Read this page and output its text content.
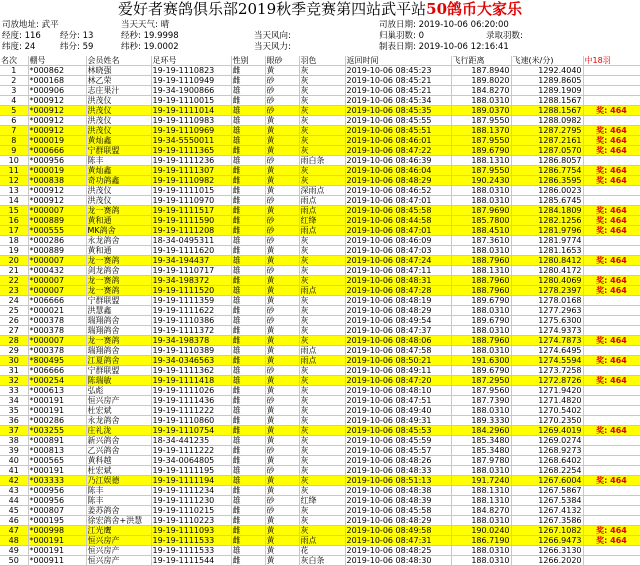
爱好者赛鸽俱乐部2019秋季竞赛第四站武平站50鸽币大家乐
司放地址: 武平	当天天气: 晴	司放日期: 2019-10-06 06:20:00
经度: 116 经分: 13	经秒: 19.9998	当天风向:	归巢羽数: 0	录取羽数:
纬度: 24	纬分: 59	纬秒: 19.0002	当天风力:	制表日期: 2019-10-06 12:16:41
名次	棚号	会员姓名	足环号	性别	眼砂	羽色	返回时间	飞行距离	飞速(米/分)	中18羽
1	*000862	林晓强	19-19-1110823	雌	黄	灰	2019-10-06 08:45:23	187.8940	1292.4040	
2	*000168	林乙荣	19-19-1110949	雌	砂	灰	2019-10-06 08:45:21	189.8020	1289.8605	
3	*000906	志庄果汁	19-34-1900866	雄	砂	灰	2019-10-06 08:45:21	184.8270	1289.1909	
4	*000912	洪茂仪	19-19-1110015	雌	砂	灰	2019-10-06 08:45:34	188.0310	1288.1567	
5	*000912	洪茂仪	19-19-1111014	雄	砂	灰	2019-10-06 08:45:35	189.0370	1288.1567	奖: 464
6	*000912	洪茂仪	19-19-1110983	雄	黄	灰	2019-10-06 08:45:55	187.9550	1288.0982	
7	*000912	洪茂仪	19-19-1110969	雄	黄	灰	2019-10-06 08:45:51	188.1370	1287.2795	奖: 464
8	*000019	黄灿鑫	19-34-5550011	雄	黄	灰	2019-10-06 08:46:01	187.9550	1287.2161	奖: 464
9	*000666	宁群联盟	19-19-1111365	雌	黄	灰	2019-10-06 08:47:22	189.6790	1287.0570	奖: 464
10	*000956	陈丰	19-19-1111236	雄	砂	雨白条	2019-10-06 08:46:39	188.1310	1286.8057	
11	*000019	黄灿鑫	19-19-1111307	雌	黄	灰	2019-10-06 08:46:04	187.9550	1286.7754	奖: 464
12	*000838	奇功鸽鑫	19-19-1110982	雌	黄	灰	2019-10-06 08:48:29	190.2430	1286.3595	奖: 464
13	*000912	洪茂仪	19-19-1111015	雌	黄	深雨点	2019-10-06 08:46:52	188.0310	1286.0023	
14	*000912	洪茂仪	19-19-1110970	雌	砂	雨点	2019-10-06 08:47:01	188.0310	1285.6745	
15	*000007	龙一赛鸽	19-19-1111517	雌	黄	雨点	2019-10-06 08:45:58	187.9690	1284.1809	奖: 464
16	*000889	黄和通	19-19-1111590	雌	砂	红绛	2019-10-06 08:44:58	185.7800	1282.1256	奖: 464
17	*000555	MK鸽舍	19-19-1111208	雌	砂	雨点	2019-10-06 08:47:01	188.4510	1281.9796	奖: 464
18	*000286	永龙鸽舍	18-34-0495311	雄	砂	灰	2019-10-06 08:46:09	187.3610	1281.9774	
19	*000889	黄和通	19-19-1111620	雌	黄	灰	2019-10-06 08:47:03	188.0310	1281.1653	
20	*000007	龙一赛鸽	19-34-194437	雄	黄	灰	2019-10-06 08:47:24	188.7960	1280.8412	奖: 464
21	*000432	剑龙鸽舍	19-19-1110717	雄	砂	灰	2019-10-06 08:47:11	188.1310	1280.4172	
22	*000007	龙一赛鸽	19-34-198372	雌	黄	灰	2019-10-06 08:48:31	188.7960	1280.4069	奖: 464
23	*000007	龙一赛鸽	19-19-1111520	雄	黄	雨点	2019-10-06 08:47:28	188.7960	1278.2397	奖: 464
24	*006666	宁群联盟	19-19-1111359	雄	黄	灰	2019-10-06 08:48:19	189.6790	1278.0168	
25	*000021	洪慧鑫	19-19-1111622	雌	砂	灰	2019-10-06 08:48:29	188.0310	1277.2963	
26	*000378	瑞翔鸽舍	19-19-1110386	雄	砂	灰	2019-10-06 08:49:54	189.6790	1275.6300	
27	*000378	瑞翔鸽舍	19-19-1111372	雌	黄	灰	2019-10-06 08:47:37	188.0310	1274.9373	
28	*000007	龙一赛鸽	19-34-198378	雌	黄	灰	2019-10-06 08:48:06	188.7960	1274.7873	奖: 464
29	*000378	瑞翔鸽舍	19-19-1110389	雄	黄	雨点	2019-10-06 08:47:58	188.0310	1274.6495	
30	*800495	江夏鸽舍	19-34-0346563	雌	黄	雨点	2019-10-06 08:50:21	191.6300	1274.5594	奖: 464
31	*006666	宁群联盟	19-19-1111362	雄	砂	灰	2019-10-06 08:49:11	189.6790	1273.7258	
32	*000254	陈瑞敏	19-19-1111418	雄	黄	灰	2019-10-06 08:47:20	187.2950	1272.8726	奖: 464
33	*000613	弘彪	19-19-1111026	雌	黄	灰	2019-10-06 08:48:10	187.9560	1271.9420	
34	*000191	恒兴房产	19-19-1111436	雌	砂	灰	2019-10-06 08:47:51	187.7390	1271.4820	
35	*000191	杜宏斌	19-19-1111222	雄	黄	灰	2019-10-06 08:49:40	188.0310	1270.5402	
36	*000286	永龙鸽舍	19-19-1110860	雌	黄	灰	2019-10-06 08:49:31	189.3330	1270.2350	
37	*003255	庄礼泷	19-19-1110754	雌	黄	灰	2019-10-06 08:45:53	184.2960	1269.4019	奖: 464
38	*000891	新兴鸽舍	18-34-441235	雄	黄	灰	2019-10-06 08:45:59	185.3480	1269.0274	
39	*000813	乙兴鸽舍	19-19-1111222	雌	砂	灰	2019-10-06 08:45:57	185.3480	1268.9273	
40	*000565	黄科越	19-34-0064805	雌	黄	灰	2019-10-06 08:48:26	187.9780	1268.6402	
41	*000191	杜宏斌	19-19-1111195	雄	砂	灰	2019-10-06 08:48:33	188.0310	1268.2254	
42	*003333	乃江娱德	19-19-1111194	雄	黄	灰	2019-10-06 08:51:13	191.7240	1267.6004	奖: 464
43	*000956	陈丰	19-19-1111234	雌	黄	灰	2019-10-06 08:48:38	188.1310	1267.5867	
44	*000956	陈丰	19-19-1111230	雄	砂	红绛	2019-10-06 08:48:39	188.1310	1267.5384	
45	*000807	姜苏鸽舍	19-19-1110215	雌	砂	灰	2019-10-06 08:45:58	184.8270	1267.4132	
46	*000195	徐宏鸽舍+洪慧	19-19-1110223	雌	黄	灰	2019-10-06 08:48:29	188.0310	1267.3586	
47	*000998	江光鹰	19-19-1111093	雌	黄	灰	2019-10-06 08:49:58	190.0240	1267.1082	奖: 464
48	*000191	恒兴房产	19-19-1111533	雌	黄	雨点	2019-10-06 08:47:31	186.7190	1266.9473	奖: 464
49	*000191	恒兴房产	19-19-1111533	雄	黄	花	2019-10-06 08:48:25	188.0310	1266.3130	
50	*000911	恒兴房产	19-19-1111544	雌	黄	灰白条	2019-10-06 08:48:30	188.0310	1266.2020	
